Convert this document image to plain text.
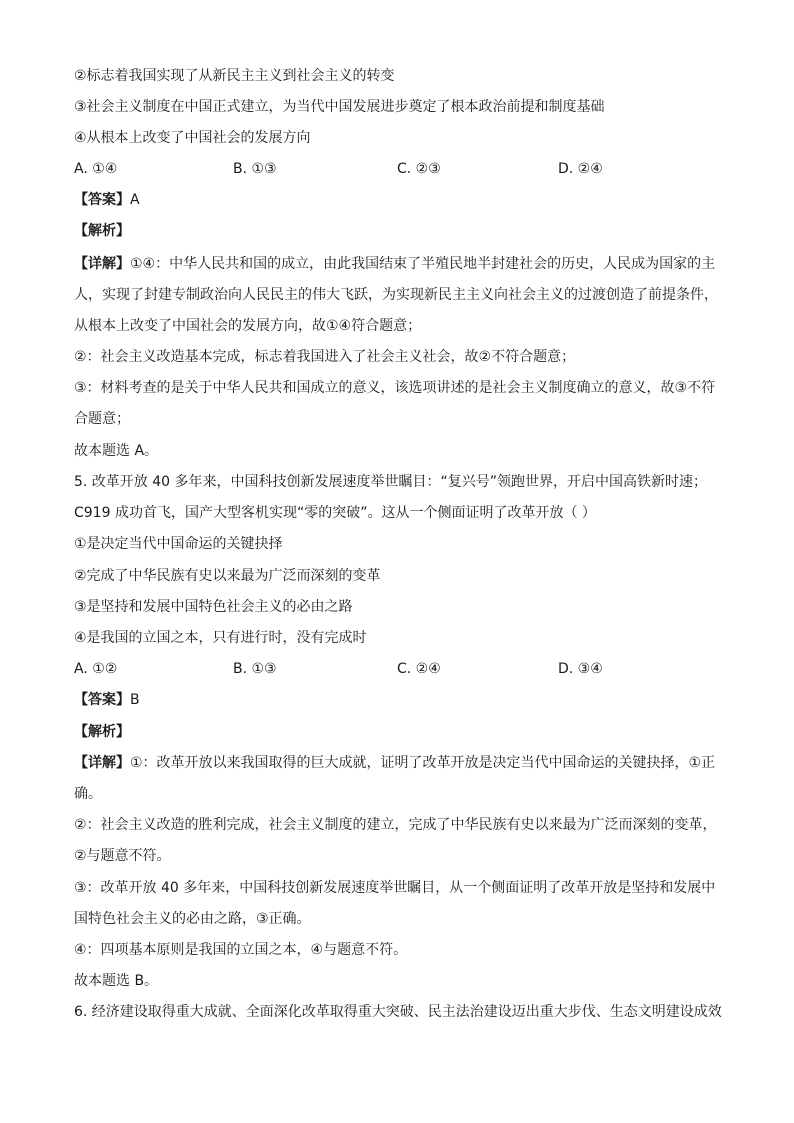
②标志着我国实现了从新民主主义到社会主义的转变
③社会主义制度在中国正式建立，为当代中国发展进步奠定了根本政治前提和制度基础
④从根本上改变了中国社会的发展方向
A. ①④	B. ①③	C. ②③	D. ②④
【答案】A
【解析】
【详解】①④：中华人民共和国的成立，由此我国结束了半殖民地半封建社会的历史，人民成为国家的主
人，实现了封建专制政治向人民民主的伟大飞跃，为实现新民主主义向社会主义的过渡创造了前提条件，
从根本上改变了中国社会的发展方向，故①④符合题意；
②：社会主义改造基本完成，标志着我国进入了社会主义社会，故②不符合题意；
③：材料考查的是关于中华人民共和国成立的意义，该选项讲述的是社会主义制度确立的意义，故③不符
合题意；
故本题选 A。
5. 改革开放 40 多年来，中国科技创新发展速度举世瞩目：“复兴号”领跑世界，开启中国高铁新时速；
C919 成功首飞，国产大型客机实现“零的突破”。这从一个侧面证明了改革开放（ ）
①是决定当代中国命运的关键抉择
②完成了中华民族有史以来最为广泛而深刻的变革
③是坚持和发展中国特色社会主义的必由之路
④是我国的立国之本，只有进行时，没有完成时
A. ①②	B. ①③	C. ②④	D. ③④
【答案】B
【解析】
【详解】①：改革开放以来我国取得的巨大成就，证明了改革开放是决定当代中国命运的关键抉择，①正
确。
②：社会主义改造的胜利完成，社会主义制度的建立，完成了中华民族有史以来最为广泛而深刻的变革，
②与题意不符。
③：改革开放 40 多年来，中国科技创新发展速度举世瞩目，从一个侧面证明了改革开放是坚持和发展中
国特色社会主义的必由之路，③正确。
④：四项基本原则是我国的立国之本，④与题意不符。
故本题选 B。
6. 经济建设取得重大成就、全面深化改革取得重大突破、民主法治建设迈出重大步伐、生态文明建设成效
